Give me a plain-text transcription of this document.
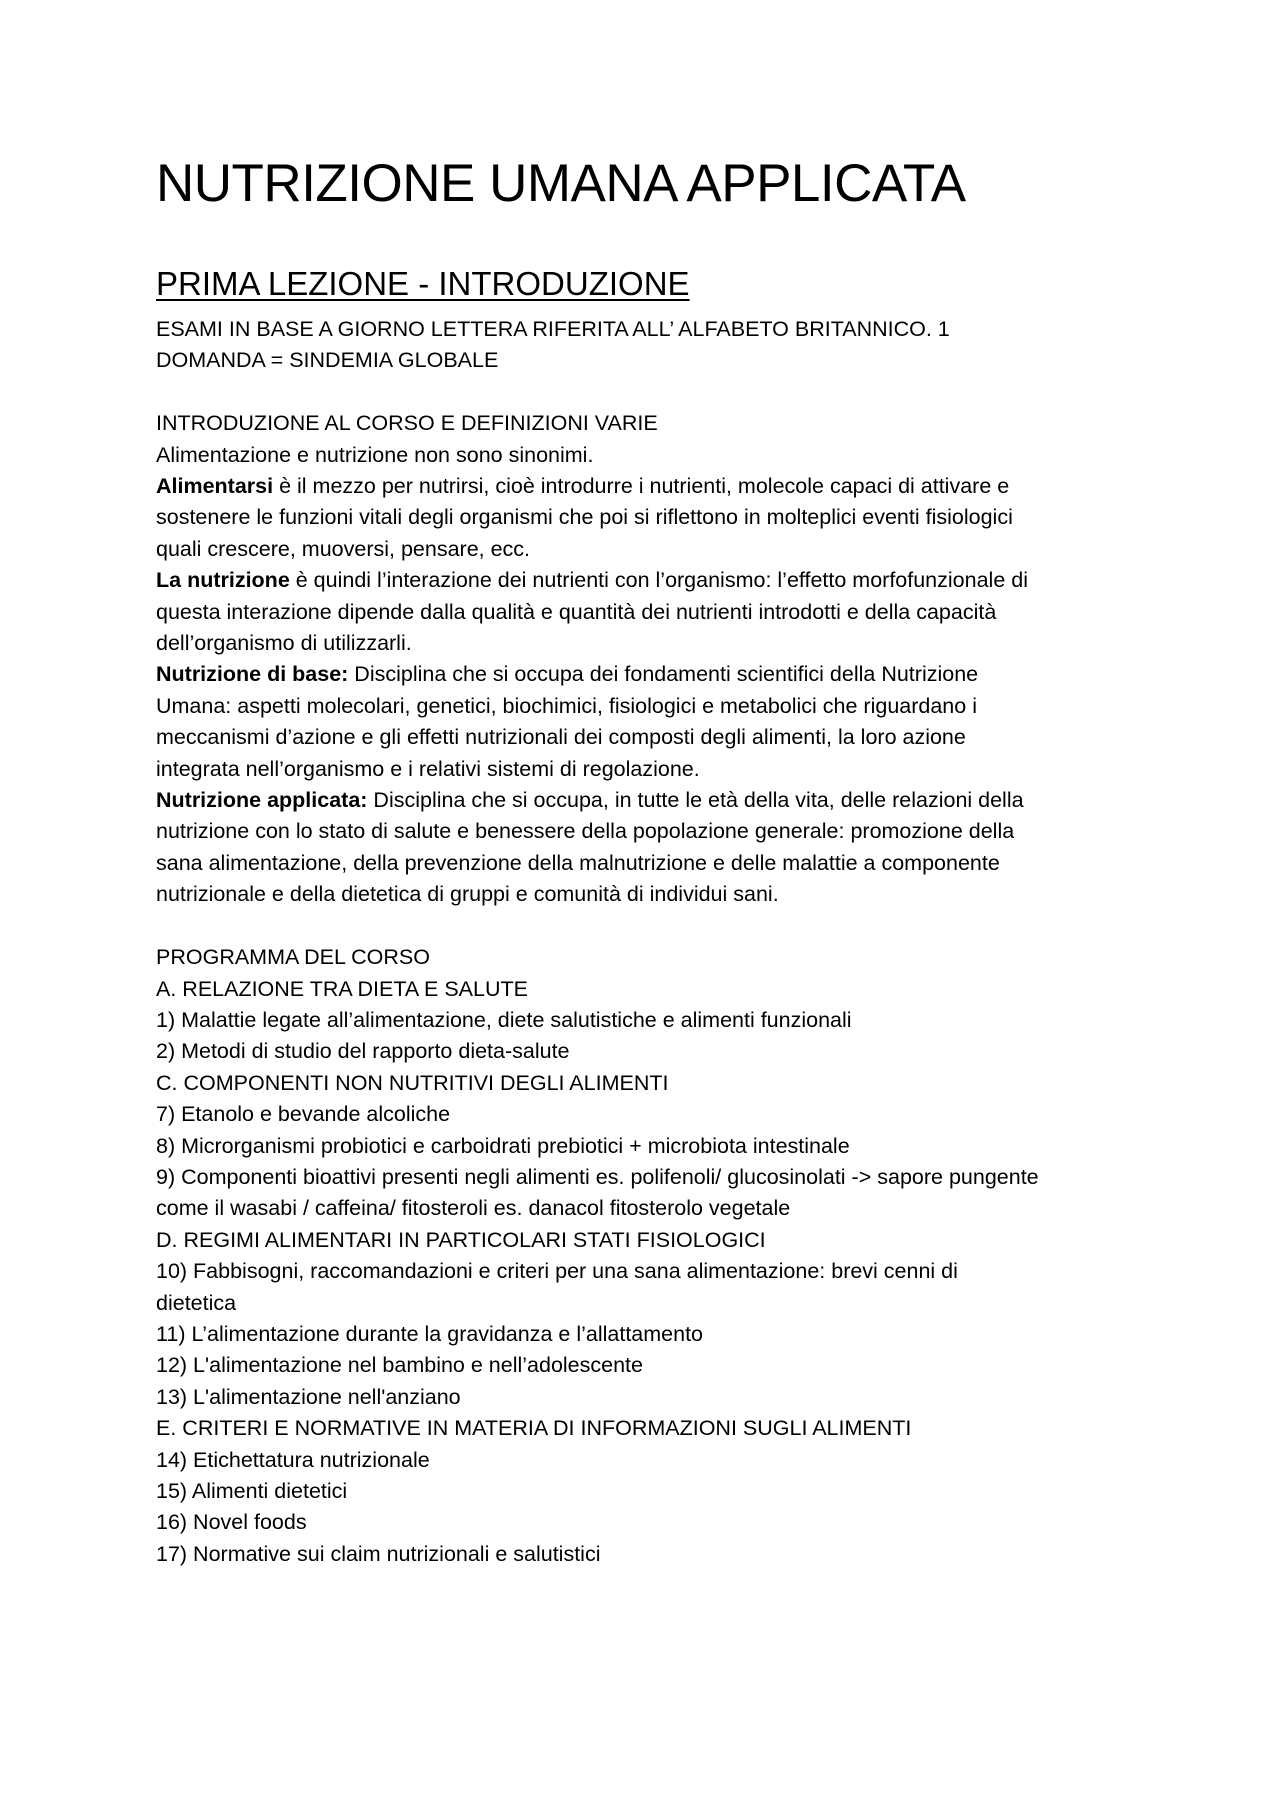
NUTRIZIONE UMANA APPLICATA
PRIMA LEZIONE - INTRODUZIONE
ESAMI IN BASE A GIORNO LETTERA RIFERITA ALL’ ALFABETO BRITANNICO. 1
DOMANDA = SINDEMIA GLOBALE
INTRODUZIONE AL CORSO E DEFINIZIONI VARIE
Alimentazione e nutrizione non sono sinonimi.
Alimentarsi è il mezzo per nutrirsi, cioè introdurre i nutrienti, molecole capaci di attivare e
sostenere le funzioni vitali degli organismi che poi si riflettono in molteplici eventi fisiologici
quali crescere, muoversi, pensare, ecc.
La nutrizione è quindi l’interazione dei nutrienti con l’organismo: l’effetto morfofunzionale di
questa interazione dipende dalla qualità e quantità dei nutrienti introdotti e della capacità
dell’organismo di utilizzarli.
Nutrizione di base: Disciplina che si occupa dei fondamenti scientifici della Nutrizione
Umana: aspetti molecolari, genetici, biochimici, fisiologici e metabolici che riguardano i
meccanismi d’azione e gli effetti nutrizionali dei composti degli alimenti, la loro azione
integrata nell’organismo e i relativi sistemi di regolazione.
Nutrizione applicata: Disciplina che si occupa, in tutte le età della vita, delle relazioni della
nutrizione con lo stato di salute e benessere della popolazione generale: promozione della
sana alimentazione, della prevenzione della malnutrizione e delle malattie a componente
nutrizionale e della dietetica di gruppi e comunità di individui sani.
PROGRAMMA DEL CORSO
A. RELAZIONE TRA DIETA E SALUTE
1) Malattie legate all’alimentazione, diete salutistiche e alimenti funzionali
2) Metodi di studio del rapporto dieta-salute
C. COMPONENTI NON NUTRITIVI DEGLI ALIMENTI
7) Etanolo e bevande alcoliche
8) Microrganismi probiotici e carboidrati prebiotici + microbiota intestinale
9) Componenti bioattivi presenti negli alimenti es. polifenoli/ glucosinolati -> sapore pungente
come il wasabi / caffeina/ fitosteroli es. danacol fitosterolo vegetale
D. REGIMI ALIMENTARI IN PARTICOLARI STATI FISIOLOGICI
10) Fabbisogni, raccomandazioni e criteri per una sana alimentazione: brevi cenni di
dietetica
11) L’alimentazione durante la gravidanza e l’allattamento
12) L'alimentazione nel bambino e nell’adolescente
13) L'alimentazione nell'anziano
E. CRITERI E NORMATIVE IN MATERIA DI INFORMAZIONI SUGLI ALIMENTI
14) Etichettatura nutrizionale
15) Alimenti dietetici
16) Novel foods
17) Normative sui claim nutrizionali e salutistici
